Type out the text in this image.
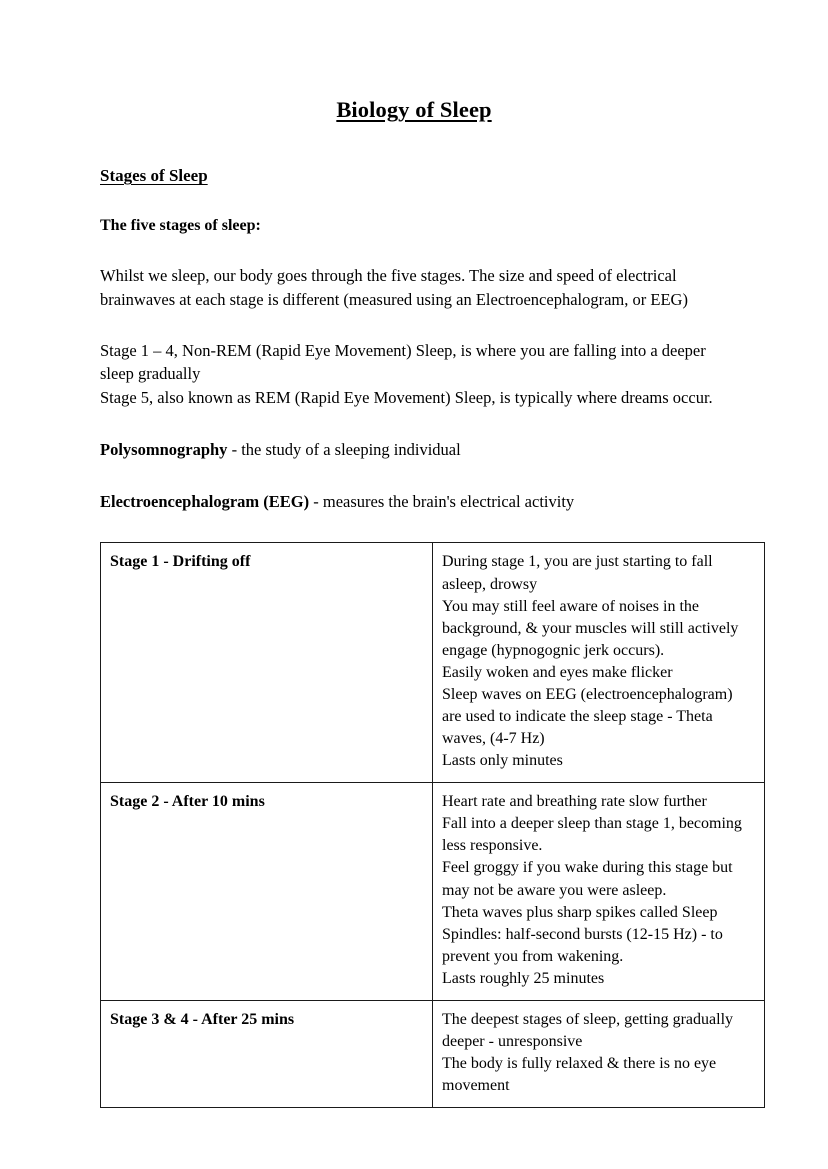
Biology of Sleep
Stages of Sleep
The five stages of sleep:

Whilst we sleep, our body goes through the five stages. The size and speed of electrical brainwaves at each stage is different (measured using an Electroencephalogram, or EEG)

Stage 1 – 4, Non-REM (Rapid Eye Movement) Sleep, is where you are falling into a deeper sleep gradually

Stage 5, also known as REM (Rapid Eye Movement) Sleep, is typically where dreams occur.

Polysomnography - the study of a sleeping individual

Electroencephalogram (EEG) - measures the brain's electrical activity

Stage 1 - Drifting off	During stage 1, you are just starting to fall asleep, drowsy
You may still feel aware of noises in the background, & your muscles will still actively engage (hypnogognic jerk occurs).
Easily woken and eyes make flicker
Sleep waves on EEG (electroencephalogram) are used to indicate the sleep stage - Theta waves, (4-7 Hz)
Lasts only minutes

Stage 2 - After 10 mins	Heart rate and breathing rate slow further
Fall into a deeper sleep than stage 1, becoming less responsive.
Feel groggy if you wake during this stage but may not be aware you were asleep.
Theta waves plus sharp spikes called Sleep Spindles: half-second bursts (12-15 Hz) - to prevent you from wakening.
Lasts roughly 25 minutes

Stage 3 & 4 - After 25 mins	The deepest stages of sleep, getting gradually deeper - unresponsive
The body is fully relaxed & there is no eye movement
